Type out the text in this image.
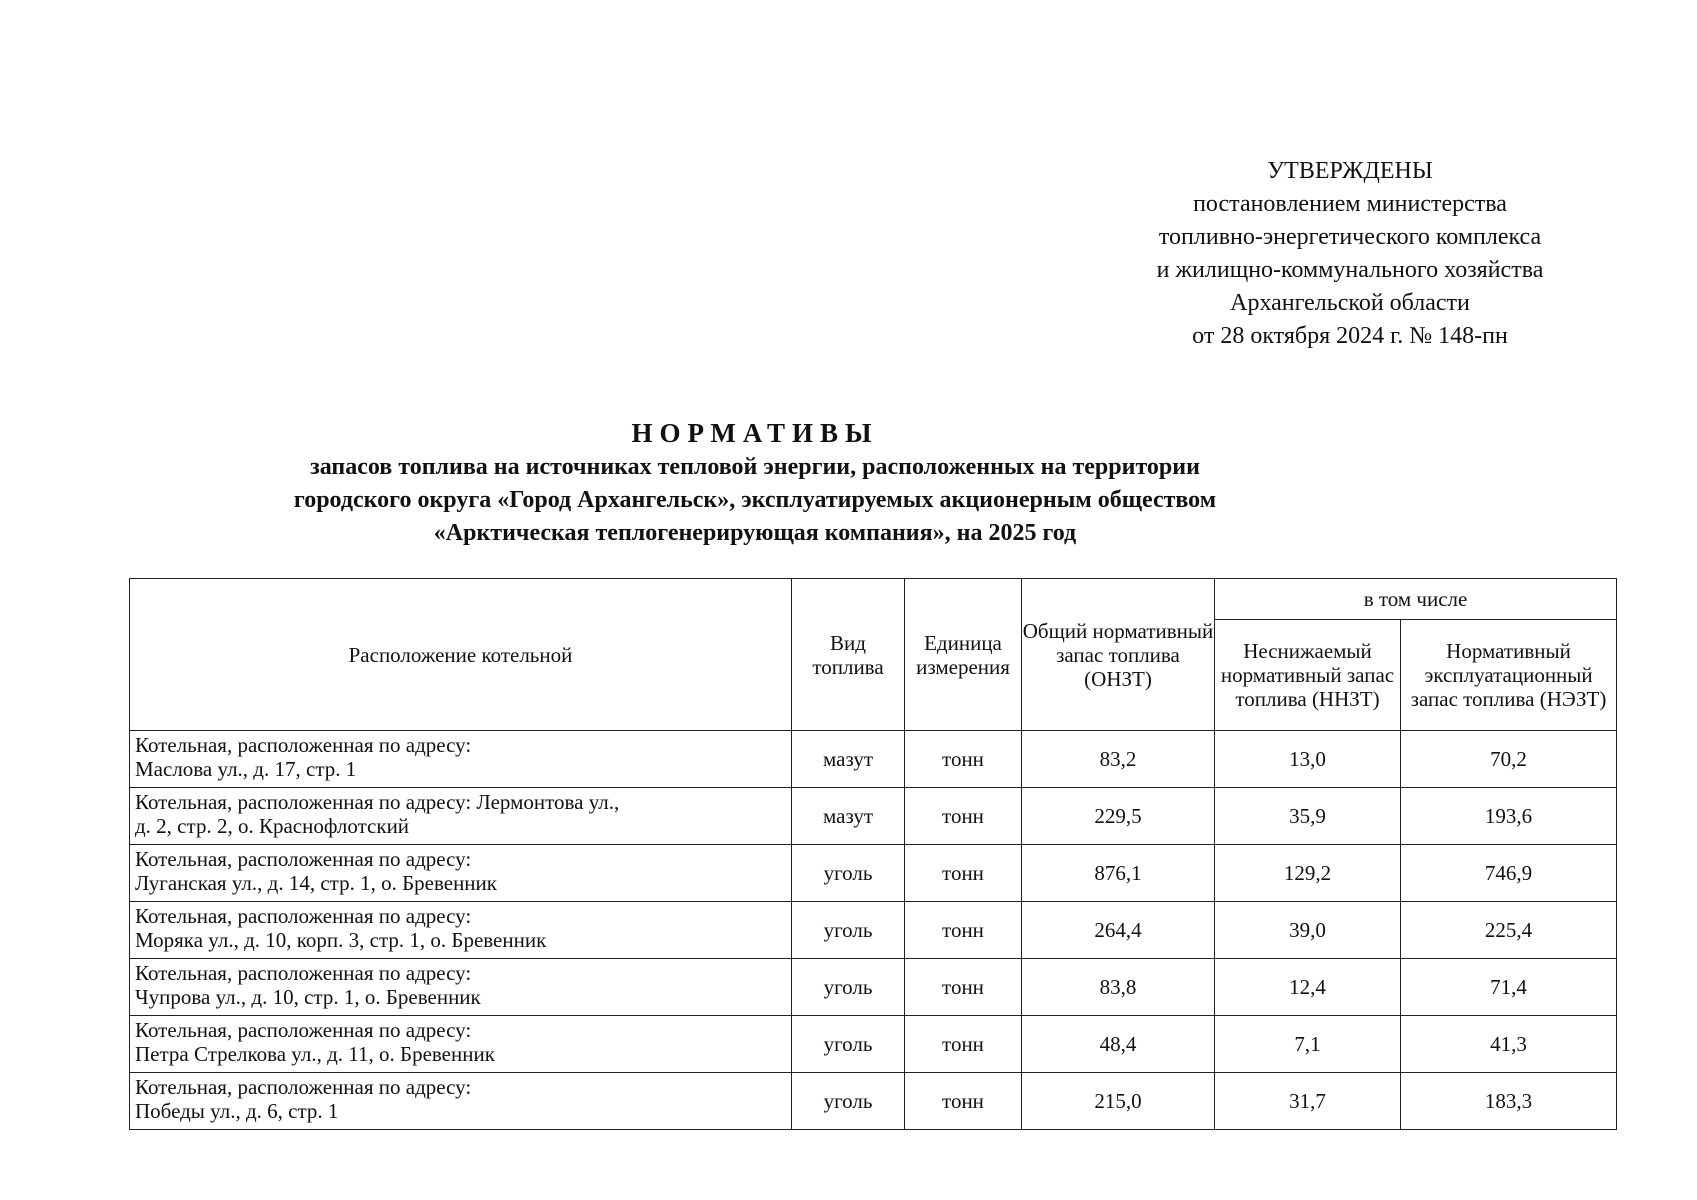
УТВЕРЖДЕНЫ
постановлением министерства
топливно-энергетического комплекса
и жилищно-коммунального хозяйства
Архангельской области
от 28 октября 2024 г. № 148-пн
НОРМАТИВЫ
запасов топлива на источниках тепловой энергии, расположенных на территории
городского округа «Город Архангельск», эксплуатируемых акционерным обществом
«Арктическая теплогенерирующая компания», на 2025 год
Расположение котельной	Вид топлива	Единица измерения	Общий нормативный запас топлива (ОНЗТ)	в том числе	
				Неснижаемый нормативный запас топлива (ННЗТ)	Нормативный эксплуатационный запас топлива (НЭЗТ)

Котельная, расположенная по адресу:
Маслова ул., д. 17, стр. 1	мазут	тонн	83,2	13,0	70,2

Котельная, расположенная по адресу: Лермонтова ул.,
д. 2, стр. 2, о. Краснофлотский	мазут	тонн	229,5	35,9	193,6

Котельная, расположенная по адресу:
Луганская ул., д. 14, стр. 1, о. Бревенник	уголь	тонн	876,1	129,2	746,9

Котельная, расположенная по адресу:
Моряка ул., д. 10, корп. 3, стр. 1, о. Бревенник	уголь	тонн	264,4	39,0	225,4

Котельная, расположенная по адресу:
Чупрова ул., д. 10, стр. 1, о. Бревенник	уголь	тонн	83,8	12,4	71,4

Котельная, расположенная по адресу:
Петра Стрелкова ул., д. 11, о. Бревенник	уголь	тонн	48,4	7,1	41,3

Котельная, расположенная по адресу:
Победы ул., д. 6, стр. 1	уголь	тонн	215,0	31,7	183,3
